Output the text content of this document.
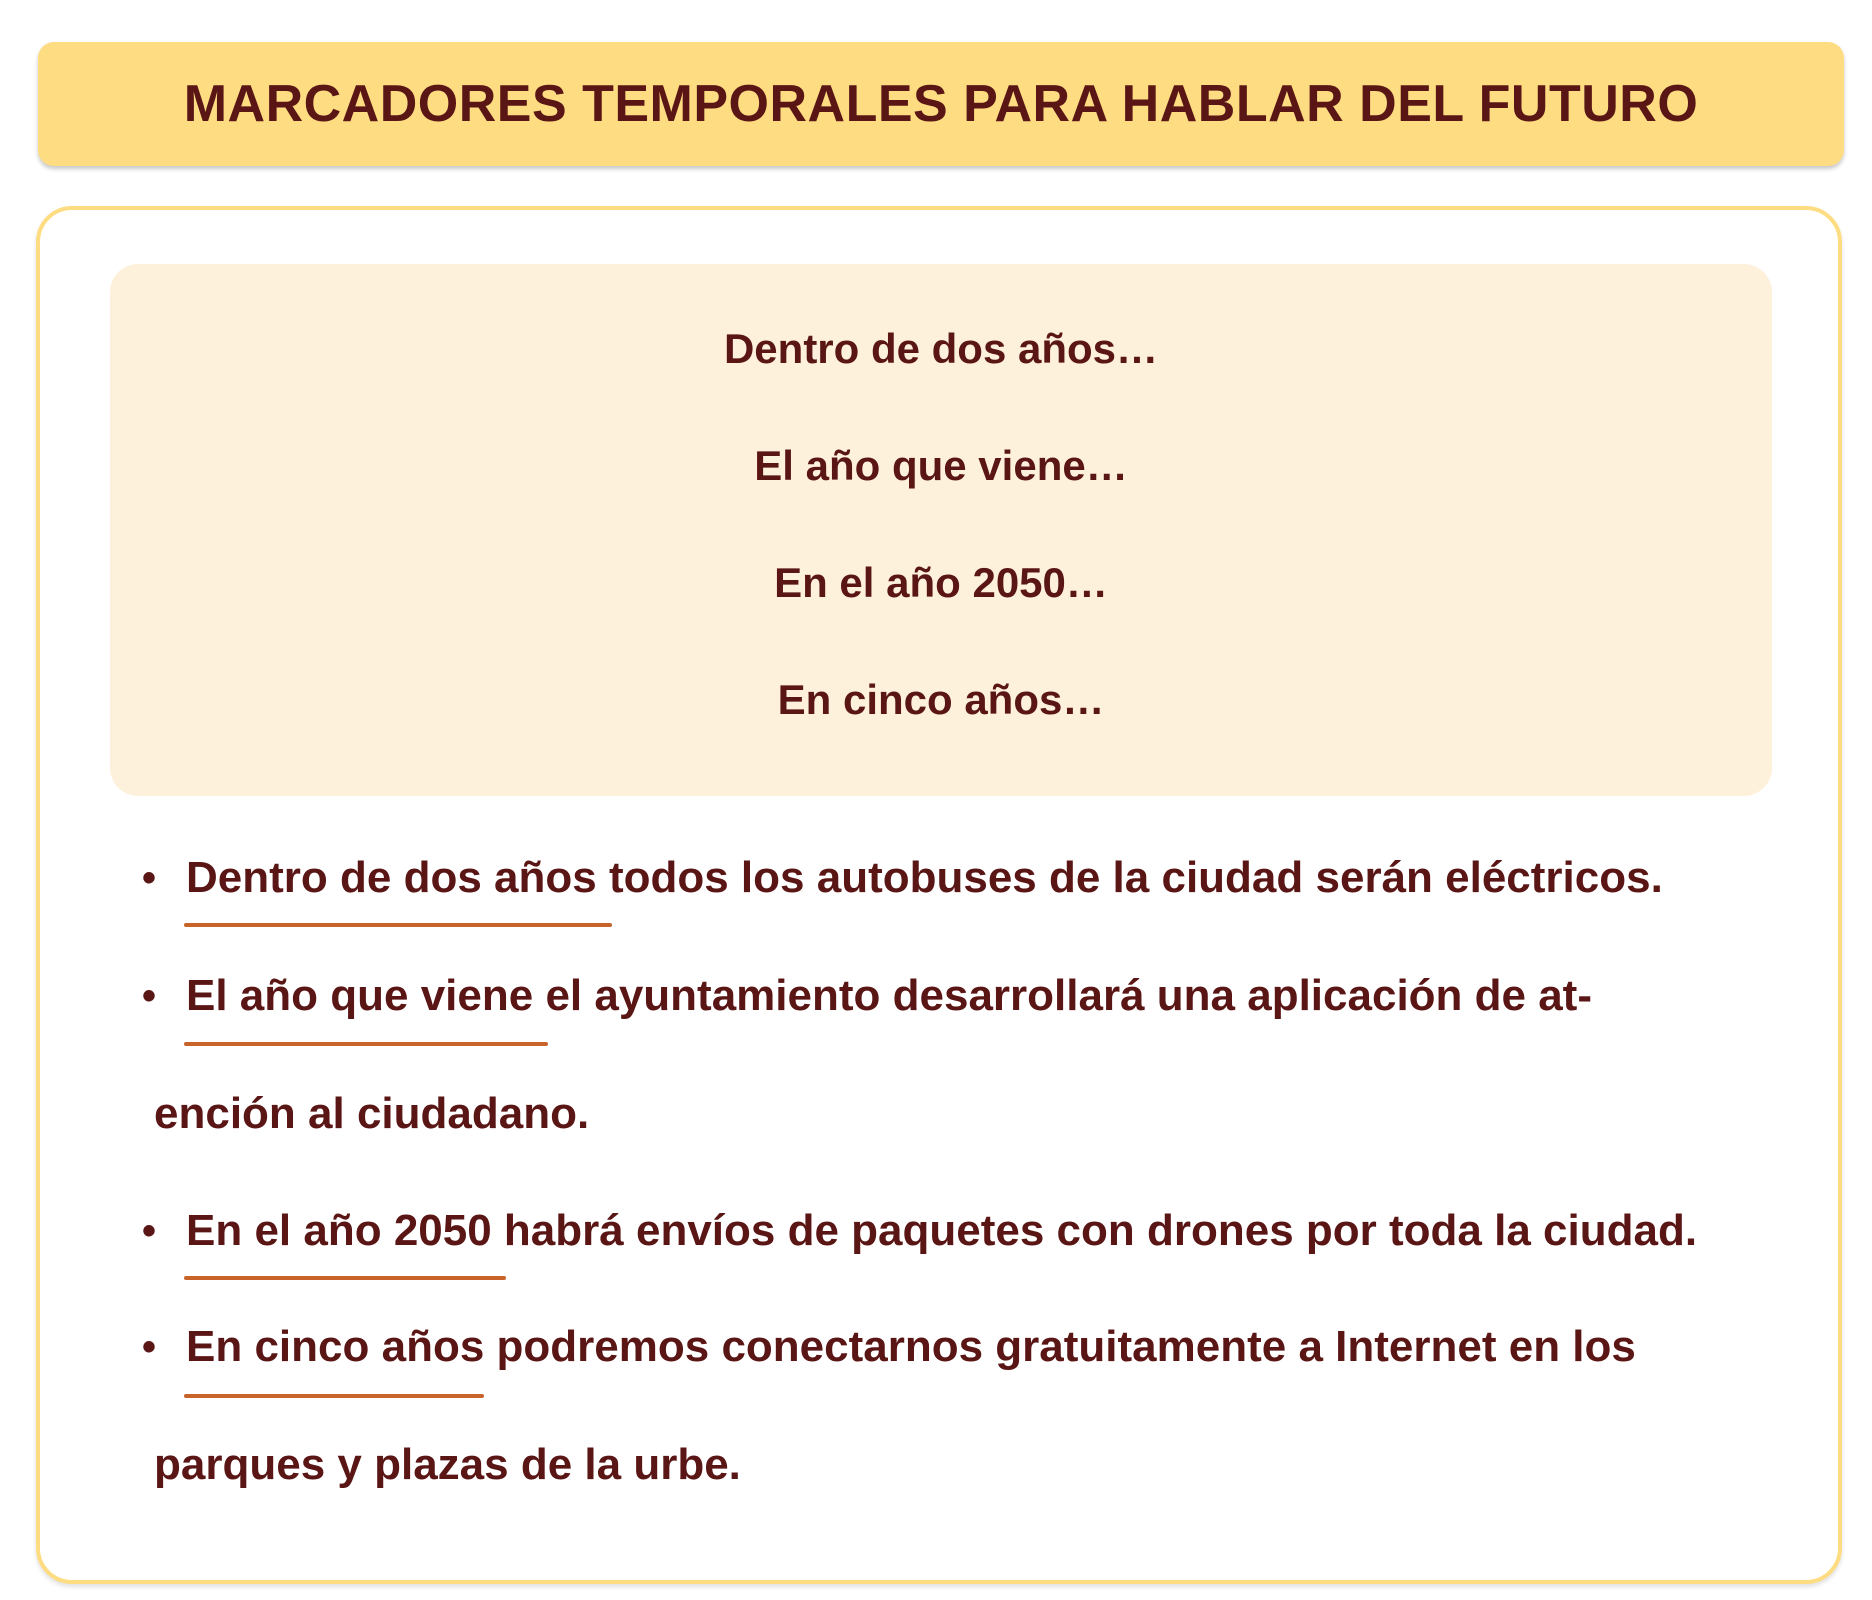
MARCADORES TEMPORALES PARA HABLAR DEL FUTURO
Dentro de dos años…
El año que viene…
En el año 2050…
En cinco años…
• Dentro de dos años todos los autobuses de la ciudad serán eléctricos.
• El año que viene el ayuntamiento desarrollará una aplicación de at-
ención al ciudadano.
• En el año 2050 habrá envíos de paquetes con drones por toda la ciudad.
• En cinco años podremos conectarnos gratuitamente a Internet en los
parques y plazas de la urbe.
